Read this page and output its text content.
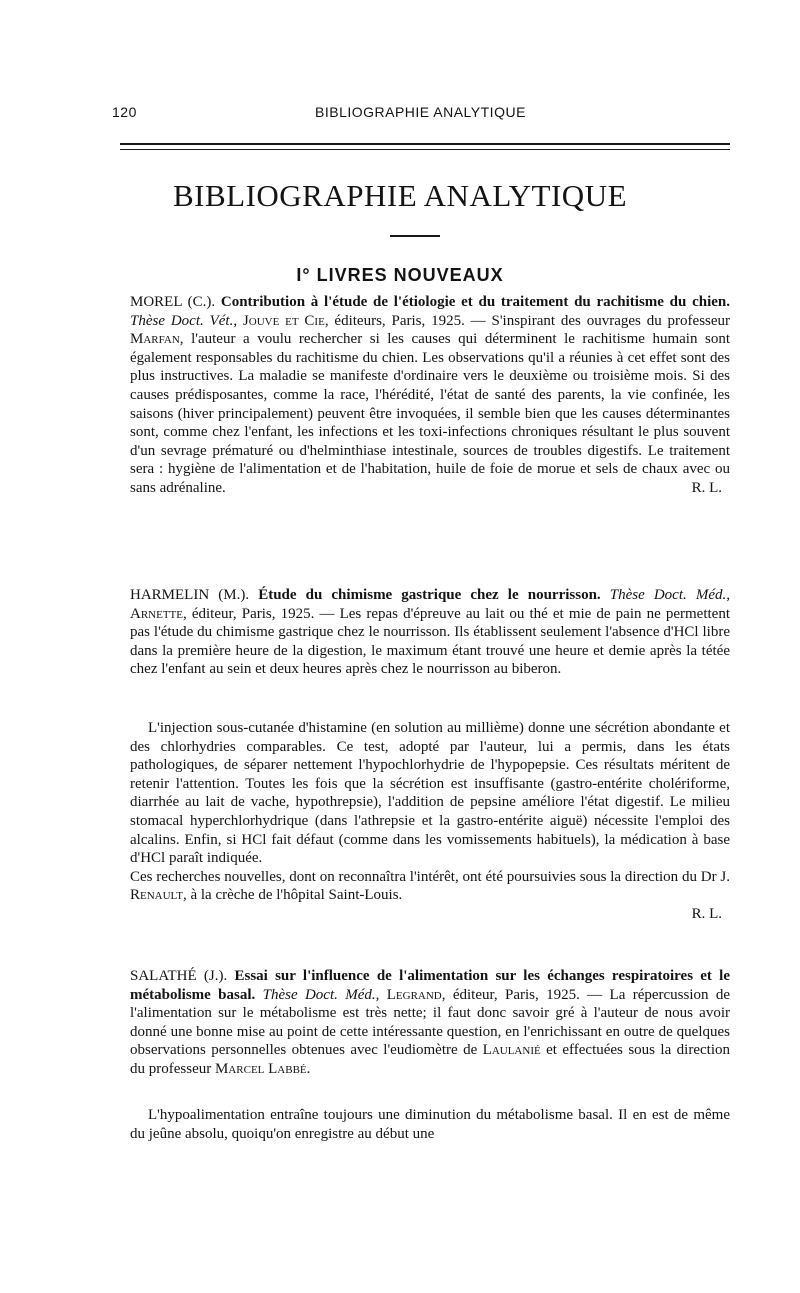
120	BIBLIOGRAPHIE ANALYTIQUE
BIBLIOGRAPHIE ANALYTIQUE
I° LIVRES NOUVEAUX

MOREL (C.). Contribution à l'étude de l'étiologie et du traitement du rachitisme du chien. Thèse Doct. Vét., Jouve et Cie, éditeurs, Paris, 1925. — S'inspirant des ouvrages du professeur Marfan, l'auteur a voulu rechercher si les causes qui déterminent le rachitisme humain sont également responsables du rachitisme du chien. Les observations qu'il a réunies à cet effet sont des plus instructives. La maladie se manifeste d'ordinaire vers le deuxième ou troisième mois. Si des causes prédisposantes, comme la race, l'hérédité, l'état de santé des parents, la vie confinée, les saisons (hiver principalement) peuvent être invoquées, il semble bien que les causes déterminantes sont, comme chez l'enfant, les infections et les toxi-infections chroniques résultant le plus souvent d'un sevrage prématuré ou d'helminthiase intestinale, sources de troubles digestifs. Le traitement sera : hygiène de l'alimentation et de l'habitation, huile de foie de morue et sels de chaux avec ou sans adrénaline.	R. L.

HARMELIN (M.). Étude du chimisme gastrique chez le nourrisson. Thèse Doct. Méd., Arnette, éditeur, Paris, 1925. — Les repas d'épreuve au lait ou thé et mie de pain ne permettent pas l'étude du chimisme gastrique chez le nourrisson. Ils établissent seulement l'absence d'HCl libre dans la première heure de la digestion, le maximum étant trouvé une heure et demie après la tétée chez l'enfant au sein et deux heures après chez le nourrisson au biberon.

L'injection sous-cutanée d'histamine (en solution au millième) donne une sécrétion abondante et des chlorhydries comparables. Ce test, adopté par l'auteur, lui a permis, dans les états pathologiques, de séparer nettement l'hypochlorhydrie de l'hypopepsie. Ces résultats méritent de retenir l'attention. Toutes les fois que la sécrétion est insuffisante (gastro-entérite cholériforme, diarrhée au lait de vache, hypothrepsie), l'addition de pepsine améliore l'état digestif. Le milieu stomacal hyperchlorhydrique (dans l'athrepsie et la gastro-entérite aiguë) nécessite l'emploi des alcalins. Enfin, si HCl fait défaut (comme dans les vomissements habituels), la médication à base d'HCl paraît indiquée.
Ces recherches nouvelles, dont on reconnaîtra l'intérêt, ont été poursuivies sous la direction du Dr J. Renault, à la crèche de l'hôpital Saint-Louis.

R. L.

SALATHÉ (J.). Essai sur l'influence de l'alimentation sur les échanges respiratoires et le métabolisme basal. Thèse Doct. Méd., Legrand, éditeur, Paris, 1925. — La répercussion de l'alimentation sur le métabolisme est très nette; il faut donc savoir gré à l'auteur de nous avoir donné une bonne mise au point de cette intéressante question, en l'enrichissant en outre de quelques observations personnelles obtenues avec l'eudiomètre de Laulanié et effectuées sous la direction du professeur Marcel Labbé.

L'hypoalimentation entraîne toujours une diminution du métabolisme basal. Il en est de même du jeûne absolu, quoiqu'on enregistre au début une
